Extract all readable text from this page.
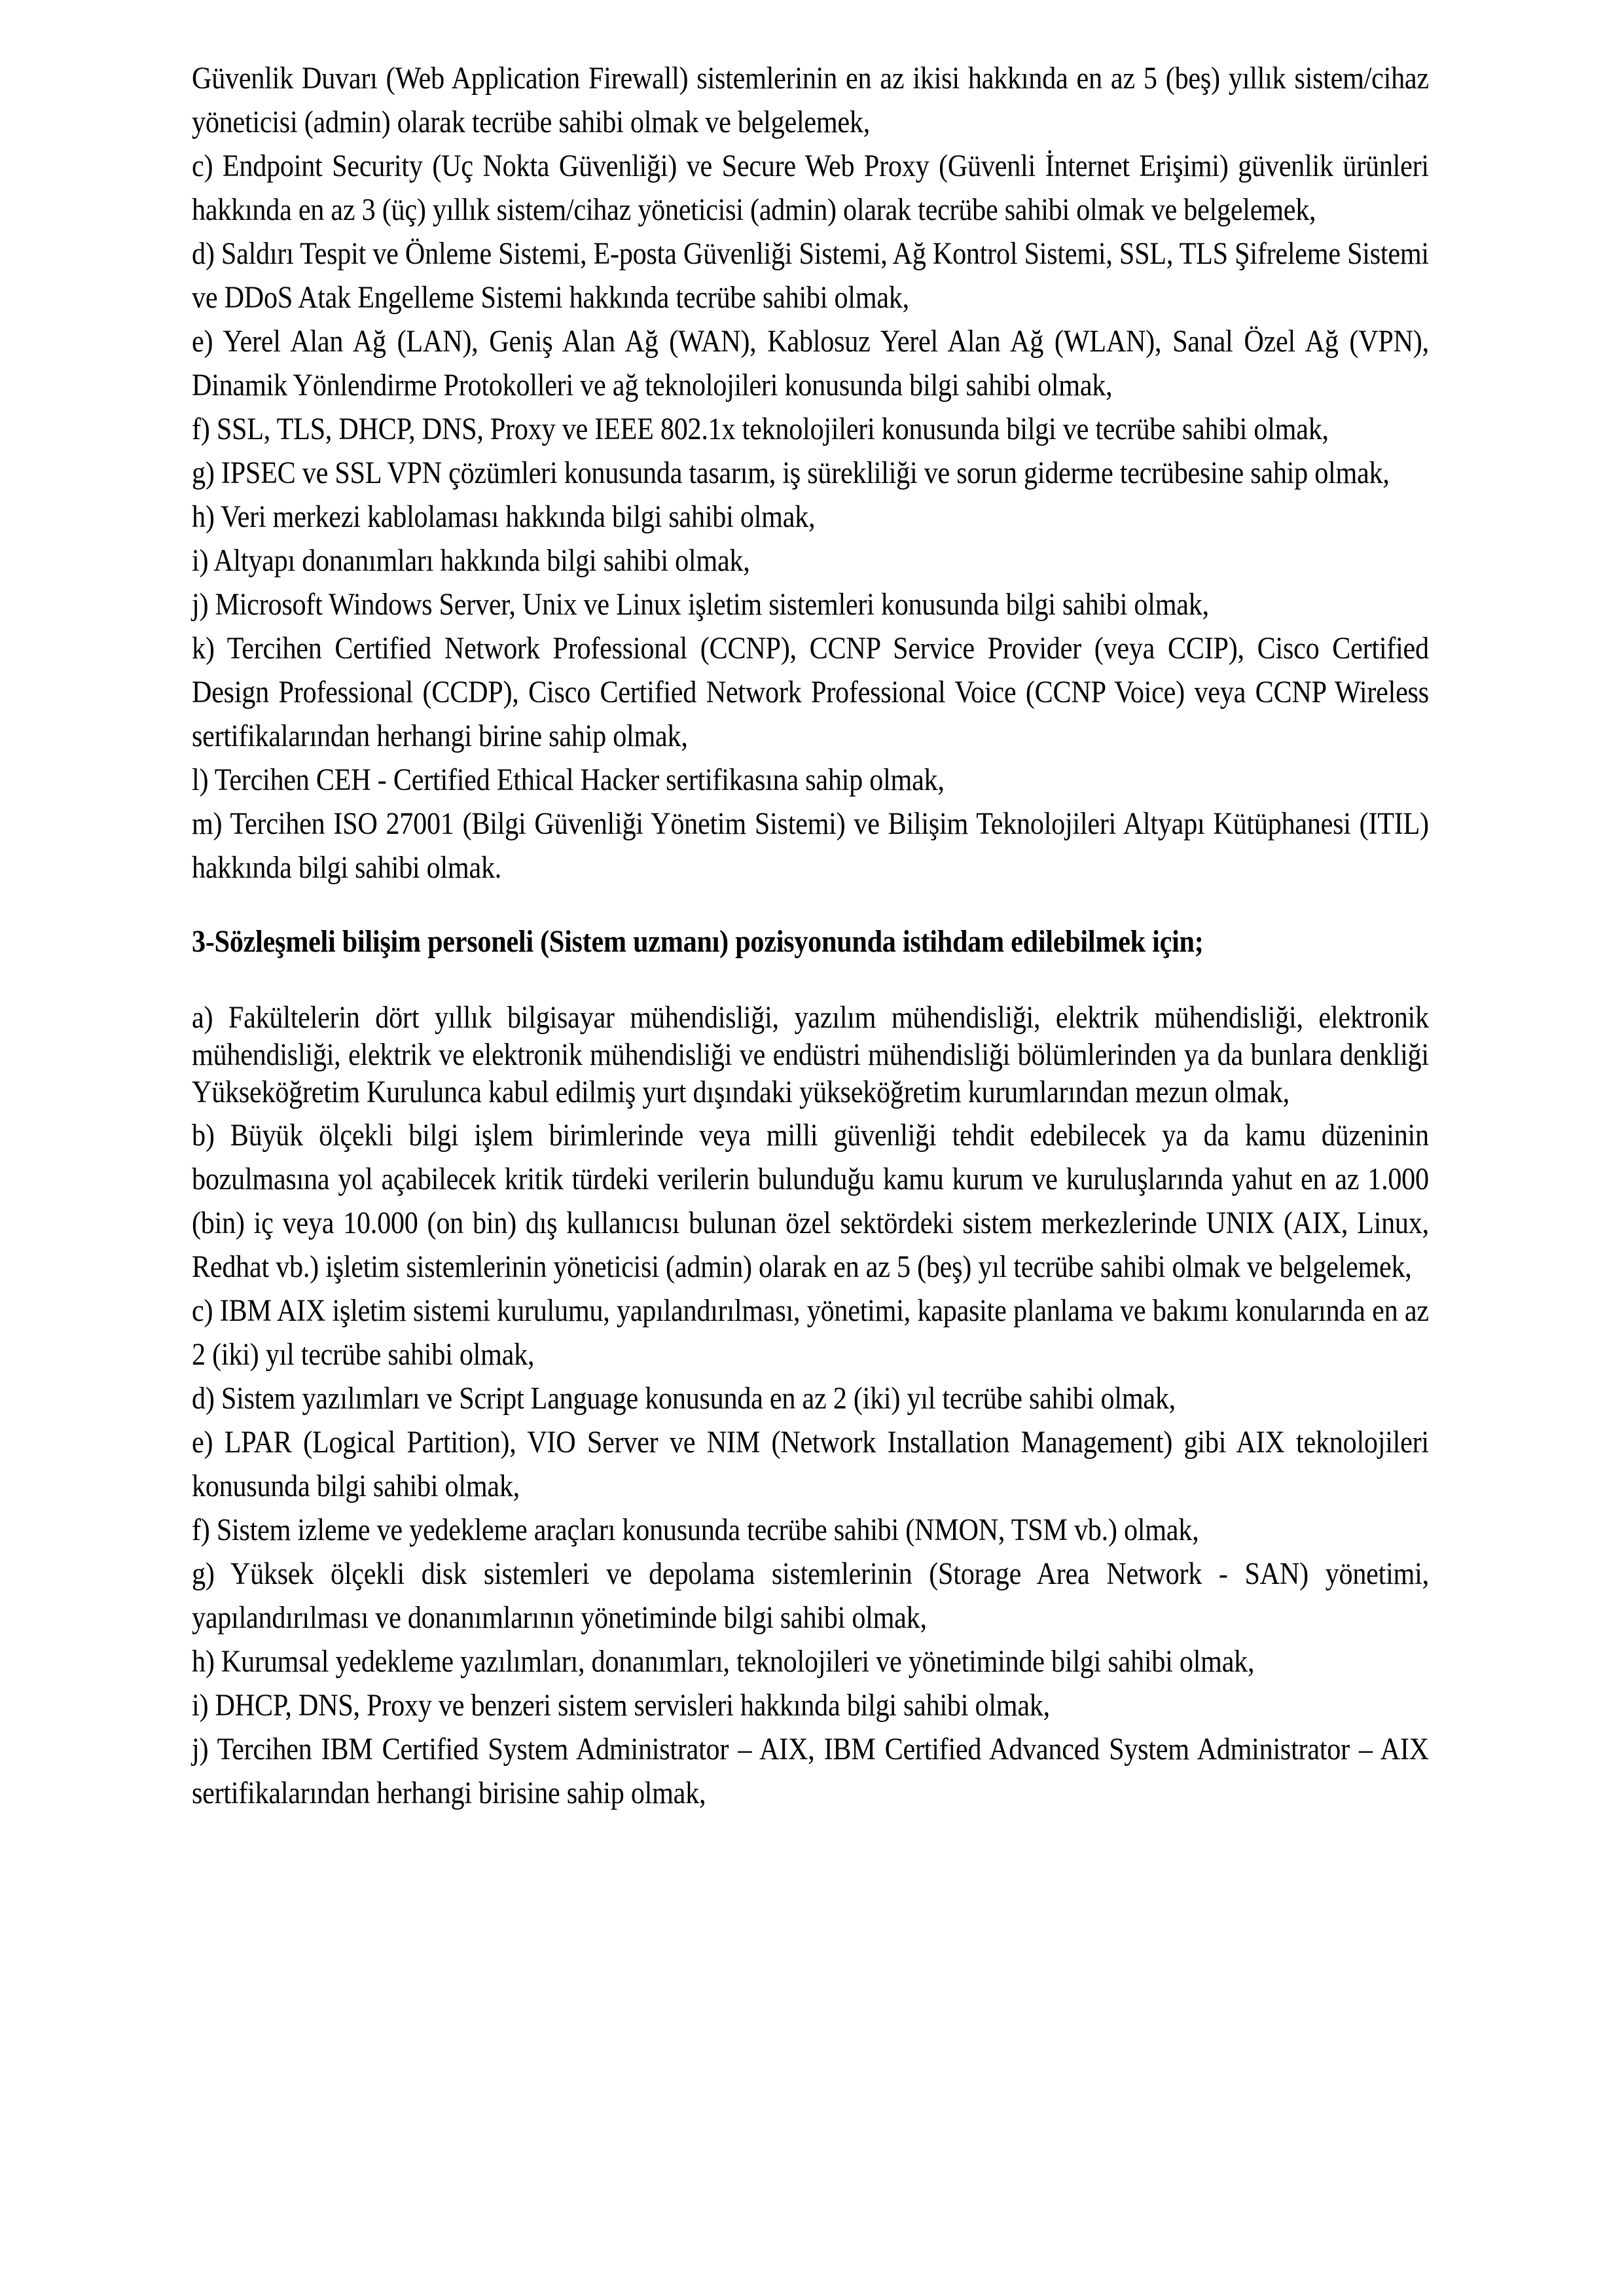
Güvenlik Duvarı (Web Application Firewall) sistemlerinin en az ikisi hakkında en az 5 (beş) yıllık sistem/cihaz yöneticisi (admin) olarak tecrübe sahibi olmak ve belgelemek,

c) Endpoint Security (Uç Nokta Güvenliği) ve Secure Web Proxy (Güvenli İnternet Erişimi) güvenlik ürünleri hakkında en az 3 (üç) yıllık sistem/cihaz yöneticisi (admin) olarak tecrübe sahibi olmak ve belgelemek,

d) Saldırı Tespit ve Önleme Sistemi, E-posta Güvenliği Sistemi, Ağ Kontrol Sistemi, SSL, TLS Şifreleme Sistemi ve DDoS Atak Engelleme Sistemi hakkında tecrübe sahibi olmak,

e) Yerel Alan Ağ (LAN), Geniş Alan Ağ (WAN), Kablosuz Yerel Alan Ağ (WLAN), Sanal Özel Ağ (VPN), Dinamik Yönlendirme Protokolleri ve ağ teknolojileri konusunda bilgi sahibi olmak,

f) SSL, TLS, DHCP, DNS, Proxy ve IEEE 802.1x teknolojileri konusunda bilgi ve tecrübe sahibi olmak,

g) IPSEC ve SSL VPN çözümleri konusunda tasarım, iş sürekliliği ve sorun giderme tecrübesine sahip olmak,

h) Veri merkezi kablolaması hakkında bilgi sahibi olmak,

i) Altyapı donanımları hakkında bilgi sahibi olmak,

j) Microsoft Windows Server, Unix ve Linux işletim sistemleri konusunda bilgi sahibi olmak,

k) Tercihen Certified Network Professional (CCNP), CCNP Service Provider (veya CCIP), Cisco Certified Design Professional (CCDP), Cisco Certified Network Professional Voice (CCNP Voice) veya CCNP Wireless sertifikalarından herhangi birine sahip olmak,

l) Tercihen CEH - Certified Ethical Hacker sertifikasına sahip olmak,

m) Tercihen ISO 27001 (Bilgi Güvenliği Yönetim Sistemi) ve Bilişim Teknolojileri Altyapı Kütüphanesi (ITIL) hakkında bilgi sahibi olmak.

3-Sözleşmeli bilişim personeli (Sistem uzmanı) pozisyonunda istihdam edilebilmek için;

a) Fakültelerin dört yıllık bilgisayar mühendisliği, yazılım mühendisliği, elektrik mühendisliği, elektronik mühendisliği, elektrik ve elektronik mühendisliği ve endüstri mühendisliği bölümlerinden ya da bunlara denkliği Yükseköğretim Kurulunca kabul edilmiş yurt dışındaki yükseköğretim kurumlarından mezun olmak,

b) Büyük ölçekli bilgi işlem birimlerinde veya milli güvenliği tehdit edebilecek ya da kamu düzeninin bozulmasına yol açabilecek kritik türdeki verilerin bulunduğu kamu kurum ve kuruluşlarında yahut en az 1.000 (bin) iç veya 10.000 (on bin) dış kullanıcısı bulunan özel sektördeki sistem merkezlerinde UNIX (AIX, Linux, Redhat vb.) işletim sistemlerinin yöneticisi (admin) olarak en az 5 (beş) yıl tecrübe sahibi olmak ve belgelemek,

c) IBM AIX işletim sistemi kurulumu, yapılandırılması, yönetimi, kapasite planlama ve bakımı konularında en az 2 (iki) yıl tecrübe sahibi olmak,

d) Sistem yazılımları ve Script Language konusunda en az 2 (iki) yıl tecrübe sahibi olmak,

e) LPAR (Logical Partition), VIO Server ve NIM (Network Installation Management) gibi AIX teknolojileri konusunda bilgi sahibi olmak,

f) Sistem izleme ve yedekleme araçları konusunda tecrübe sahibi (NMON, TSM vb.) olmak,

g) Yüksek ölçekli disk sistemleri ve depolama sistemlerinin (Storage Area Network - SAN) yönetimi, yapılandırılması ve donanımlarının yönetiminde bilgi sahibi olmak,

h) Kurumsal yedekleme yazılımları, donanımları, teknolojileri ve yönetiminde bilgi sahibi olmak,

i) DHCP, DNS, Proxy ve benzeri sistem servisleri hakkında bilgi sahibi olmak,

j) Tercihen IBM Certified System Administrator – AIX, IBM Certified Advanced System Administrator – AIX sertifikalarından herhangi birisine sahip olmak,
